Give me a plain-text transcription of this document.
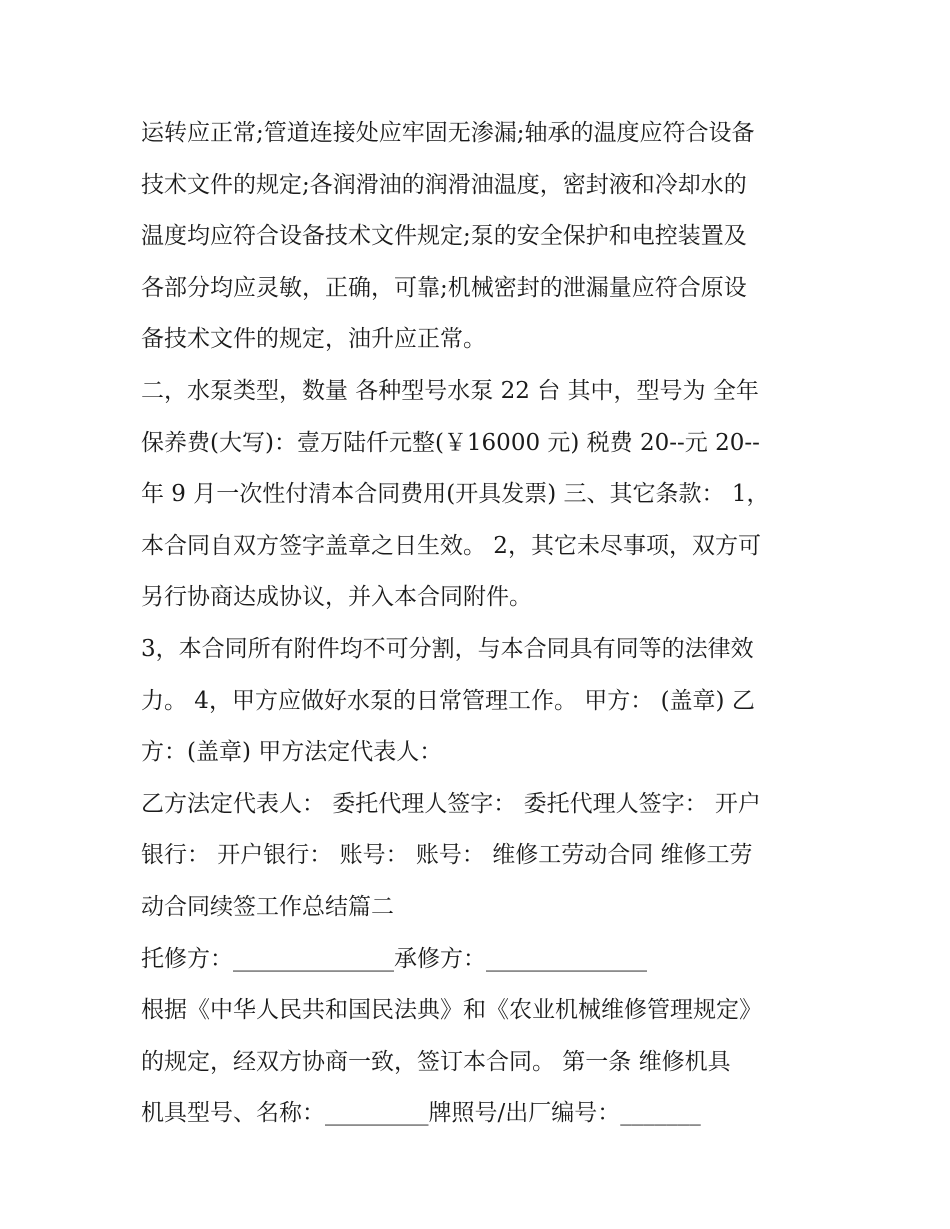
运转应正常;管道连接处应牢固无渗漏;轴承的温度应符合设备
技术文件的规定;各润滑油的润滑油温度，密封液和冷却水的
温度均应符合设备技术文件规定;泵的安全保护和电控装置及
各部分均应灵敏，正确，可靠;机械密封的泄漏量应符合原设
备技术文件的规定，油升应正常。
二，水泵类型，数量 各种型号水泵 22 台 其中，型号为 全年
保养费(大写)：壹万陆仟元整(￥16000 元) 税费 20--元 20--
年 9 月一次性付清本合同费用(开具发票) 三、其它条款： 1，
本合同自双方签字盖章之日生效。 2，其它未尽事项，双方可
另行协商达成协议，并入本合同附件。
3，本合同所有附件均不可分割，与本合同具有同等的法律效
力。 4，甲方应做好水泵的日常管理工作。 甲方： (盖章) 乙
方：(盖章) 甲方法定代表人：
乙方法定代表人： 委托代理人签字： 委托代理人签字： 开户
银行： 开户银行： 账号： 账号： 维修工劳动合同 维修工劳
动合同续签工作总结篇二
托修方：______________承修方：______________
根据《中华人民共和国民法典》和《农业机械维修管理规定》
的规定，经双方协商一致，签订本合同。 第一条 维修机具
机具型号、名称：_________牌照号/出厂编号：_______
